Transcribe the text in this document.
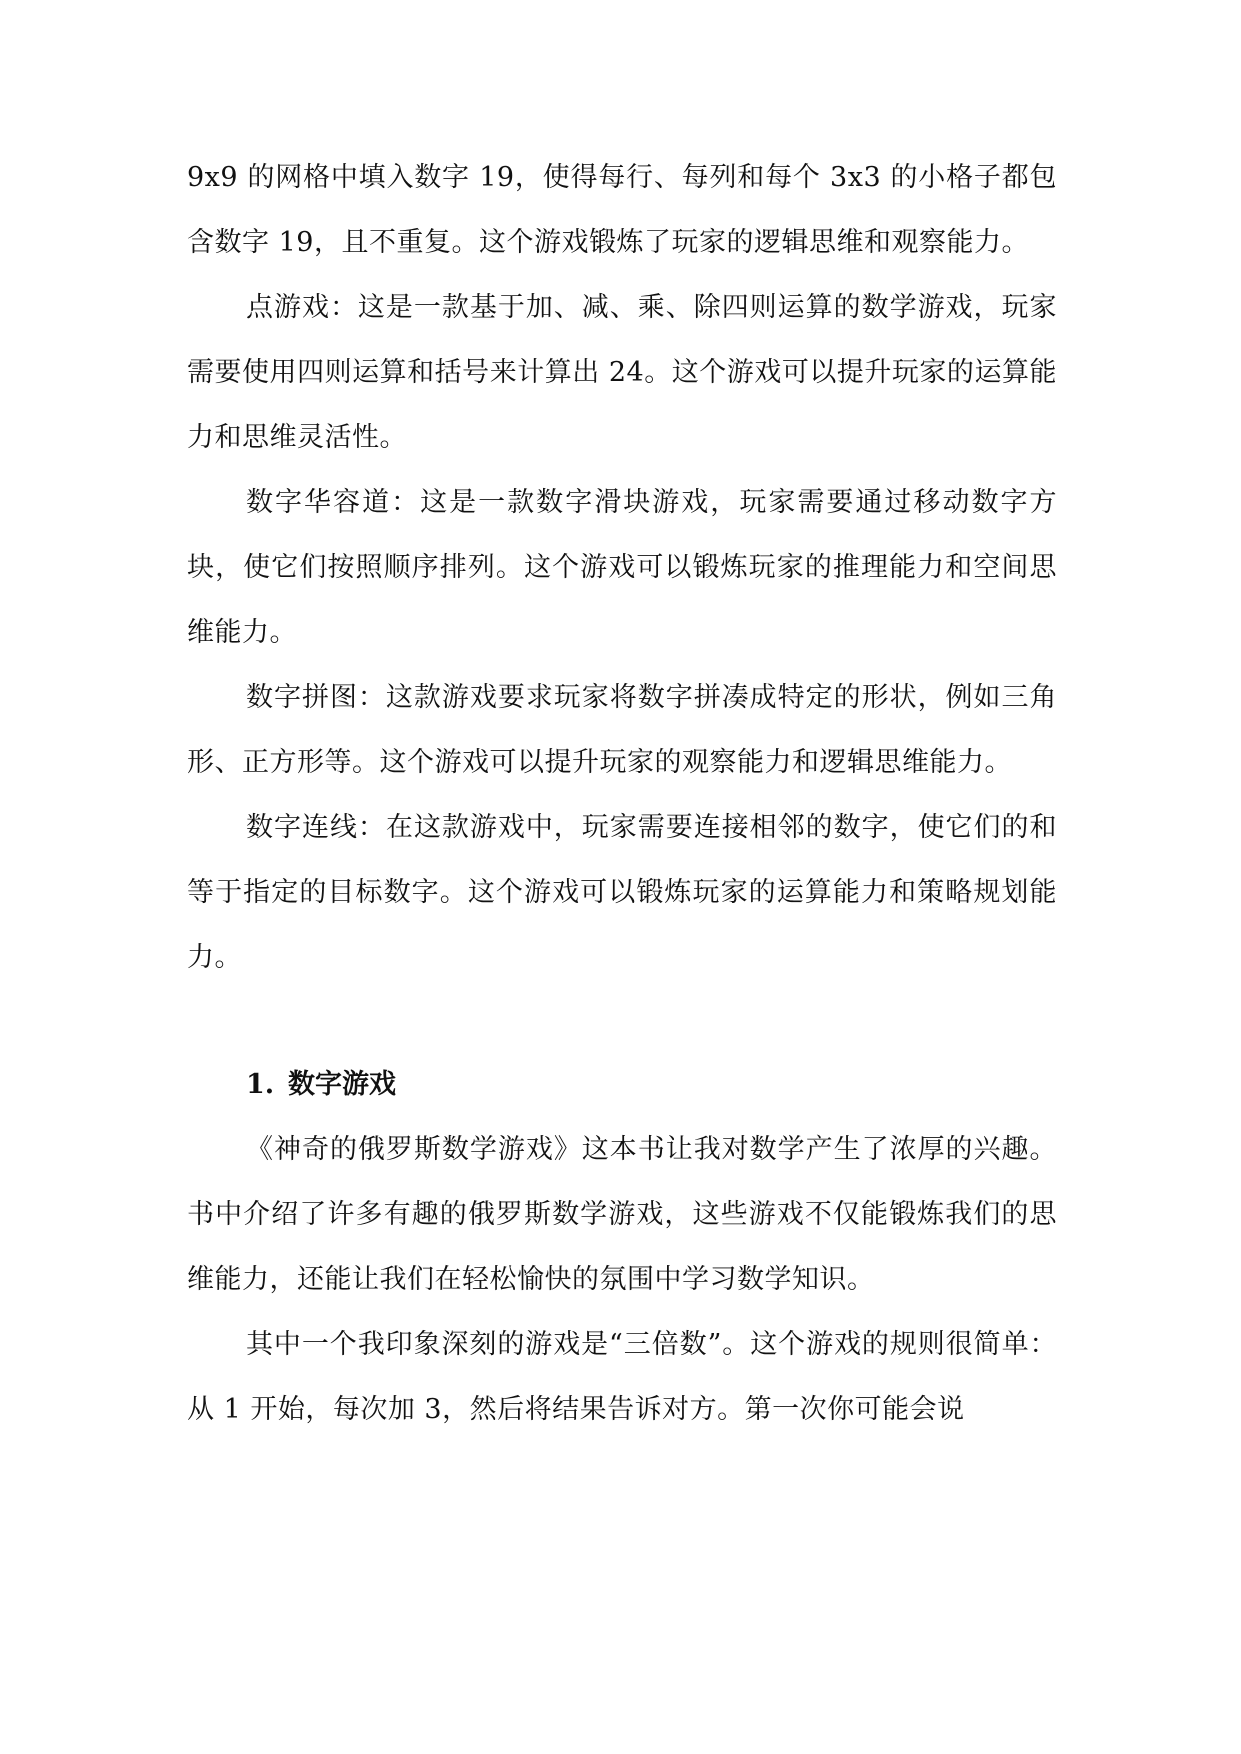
9x9 的网格中填入数字 19，使得每行、每列和每个 3x3 的小格子都包含数字 19，且不重复。这个游戏锻炼了玩家的逻辑思维和观察能力。

点游戏：这是一款基于加、减、乘、除四则运算的数学游戏，玩家需要使用四则运算和括号来计算出 24。这个游戏可以提升玩家的运算能力和思维灵活性。

数字华容道：这是一款数字滑块游戏，玩家需要通过移动数字方块，使它们按照顺序排列。这个游戏可以锻炼玩家的推理能力和空间思维能力。

数字拼图：这款游戏要求玩家将数字拼凑成特定的形状，例如三角形、正方形等。这个游戏可以提升玩家的观察能力和逻辑思维能力。

数字连线：在这款游戏中，玩家需要连接相邻的数字，使它们的和等于指定的目标数字。这个游戏可以锻炼玩家的运算能力和策略规划能力。

1. 数字游戏

《神奇的俄罗斯数学游戏》这本书让我对数学产生了浓厚的兴趣。书中介绍了许多有趣的俄罗斯数学游戏，这些游戏不仅能锻炼我们的思维能力，还能让我们在轻松愉快的氛围中学习数学知识。

其中一个我印象深刻的游戏是“三倍数”。这个游戏的规则很简单：从 1 开始，每次加 3，然后将结果告诉对方。第一次你可能会说
